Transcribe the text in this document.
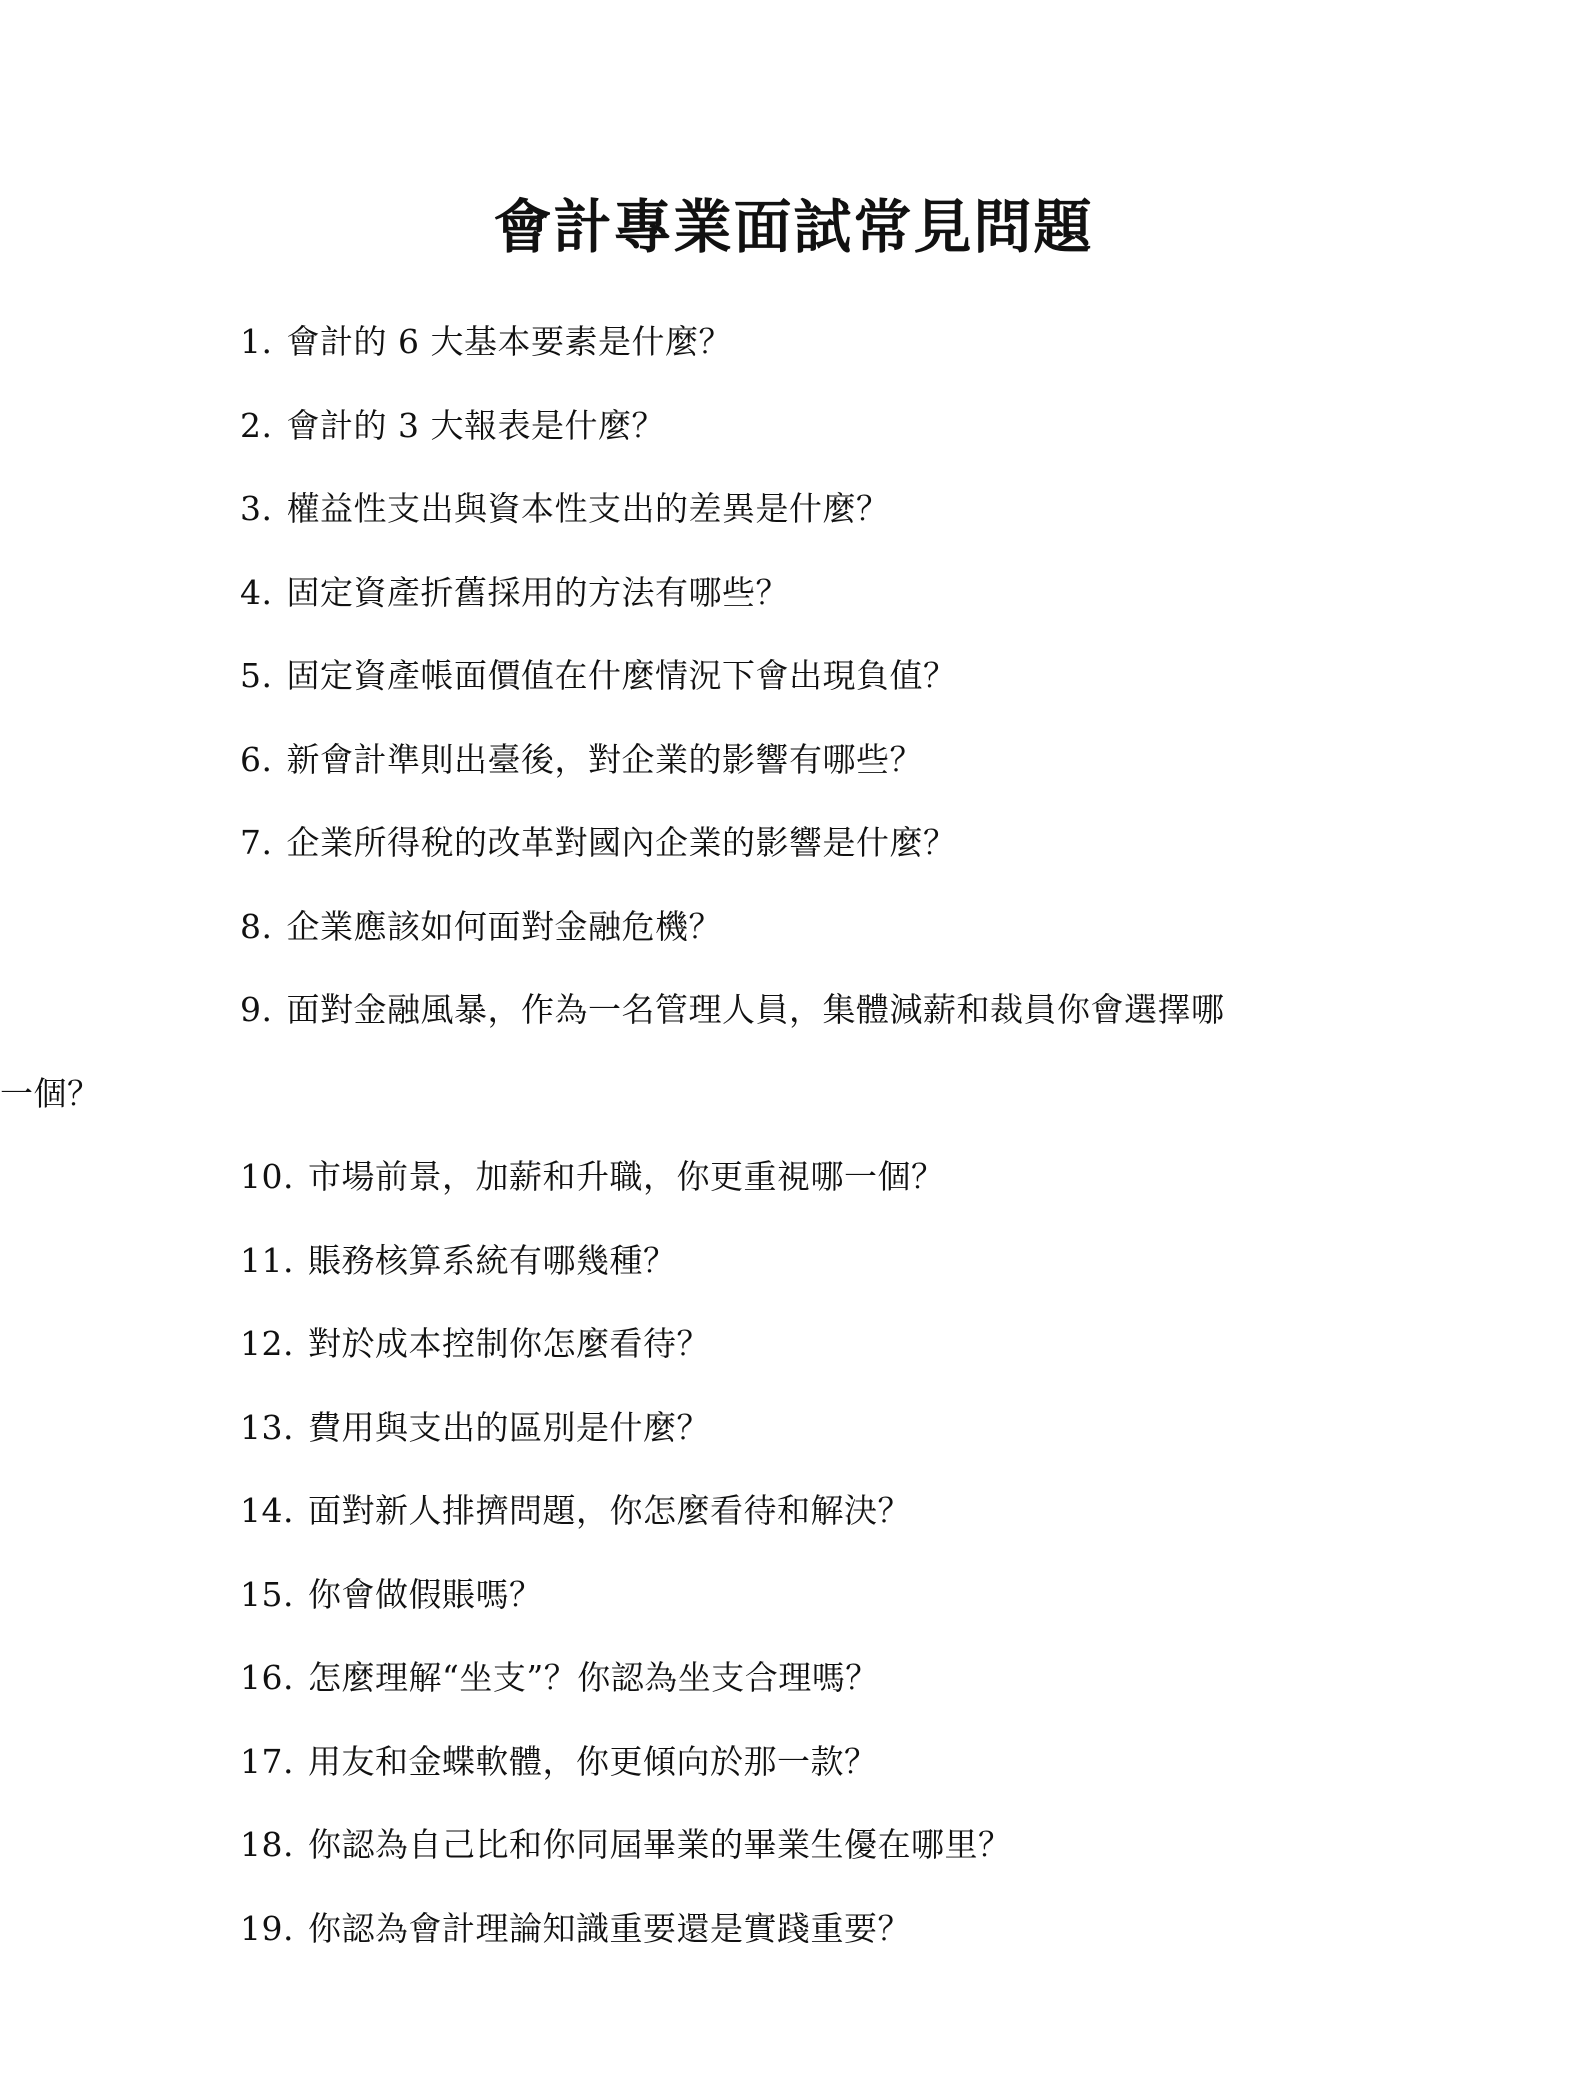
會計專業面試常見問題
1. 會計的 6 大基本要素是什麼？
2. 會計的 3 大報表是什麼？
3. 權益性支出與資本性支出的差異是什麼？
4. 固定資產折舊採用的方法有哪些？
5. 固定資產帳面價值在什麼情況下會出現負值？
6. 新會計準則出臺後，對企業的影響有哪些？
7. 企業所得稅的改革對國內企業的影響是什麼？
8. 企業應該如何面對金融危機？
9. 面對金融風暴，作為一名管理人員，集體減薪和裁員你會選擇哪
一個？
10. 市場前景，加薪和升職，你更重視哪一個？
11. 賬務核算系統有哪幾種？
12. 對於成本控制你怎麼看待？
13. 費用與支出的區別是什麼？
14. 面對新人排擠問題，你怎麼看待和解決？
15. 你會做假賬嗎？
16. 怎麼理解“坐支”？你認為坐支合理嗎？
17. 用友和金蝶軟體，你更傾向於那一款？
18. 你認為自己比和你同屆畢業的畢業生優在哪里？
19. 你認為會計理論知識重要還是實踐重要？
